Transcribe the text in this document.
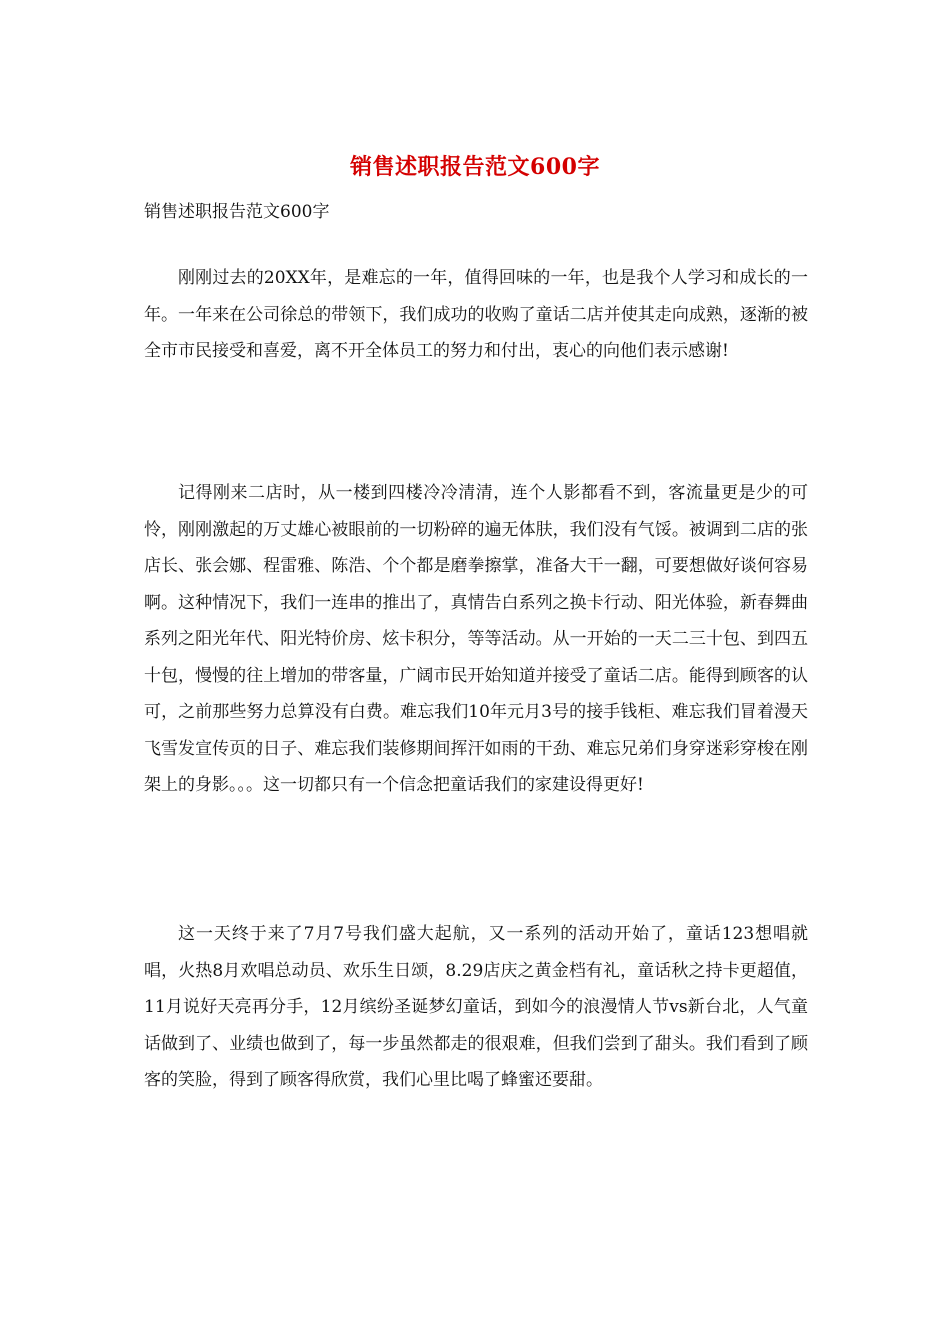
销售述职报告范文600字
销售述职报告范文600字

刚刚过去的20XX年，是难忘的一年，值得回味的一年，也是我个人学习和成长的一年。一年来在公司徐总的带领下，我们成功的收购了童话二店并使其走向成熟，逐渐的被全市市民接受和喜爱，离不开全体员工的努力和付出，衷心的向他们表示感谢!

记得刚来二店时，从一楼到四楼冷冷清清，连个人影都看不到，客流量更是少的可怜，刚刚激起的万丈雄心被眼前的一切粉碎的遍无体肤，我们没有气馁。被调到二店的张店长、张会娜、程雷雅、陈浩、个个都是磨拳擦掌，准备大干一翻，可要想做好谈何容易啊。这种情况下，我们一连串的推出了，真情告白系列之换卡行动、阳光体验，新春舞曲系列之阳光年代、阳光特价房、炫卡积分，等等活动。从一开始的一天二三十包、到四五十包，慢慢的往上增加的带客量，广阔市民开始知道并接受了童话二店。能得到顾客的认可，之前那些努力总算没有白费。难忘我们10年元月3号的接手钱柜、难忘我们冒着漫天飞雪发宣传页的日子、难忘我们装修期间挥汗如雨的干劲、难忘兄弟们身穿迷彩穿梭在刚架上的身影。。。这一切都只有一个信念把童话我们的家建设得更好!

这一天终于来了7月7号我们盛大起航，又一系列的活动开始了，童话123想唱就唱，火热8月欢唱总动员、欢乐生日颂，8.29店庆之黄金档有礼，童话秋之持卡更超值，11月说好天亮再分手，12月缤纷圣诞梦幻童话，到如今的浪漫情人节vs新台北，人气童话做到了、业绩也做到了，每一步虽然都走的很艰难，但我们尝到了甜头。我们看到了顾客的笑脸，得到了顾客得欣赏，我们心里比喝了蜂蜜还要甜。
